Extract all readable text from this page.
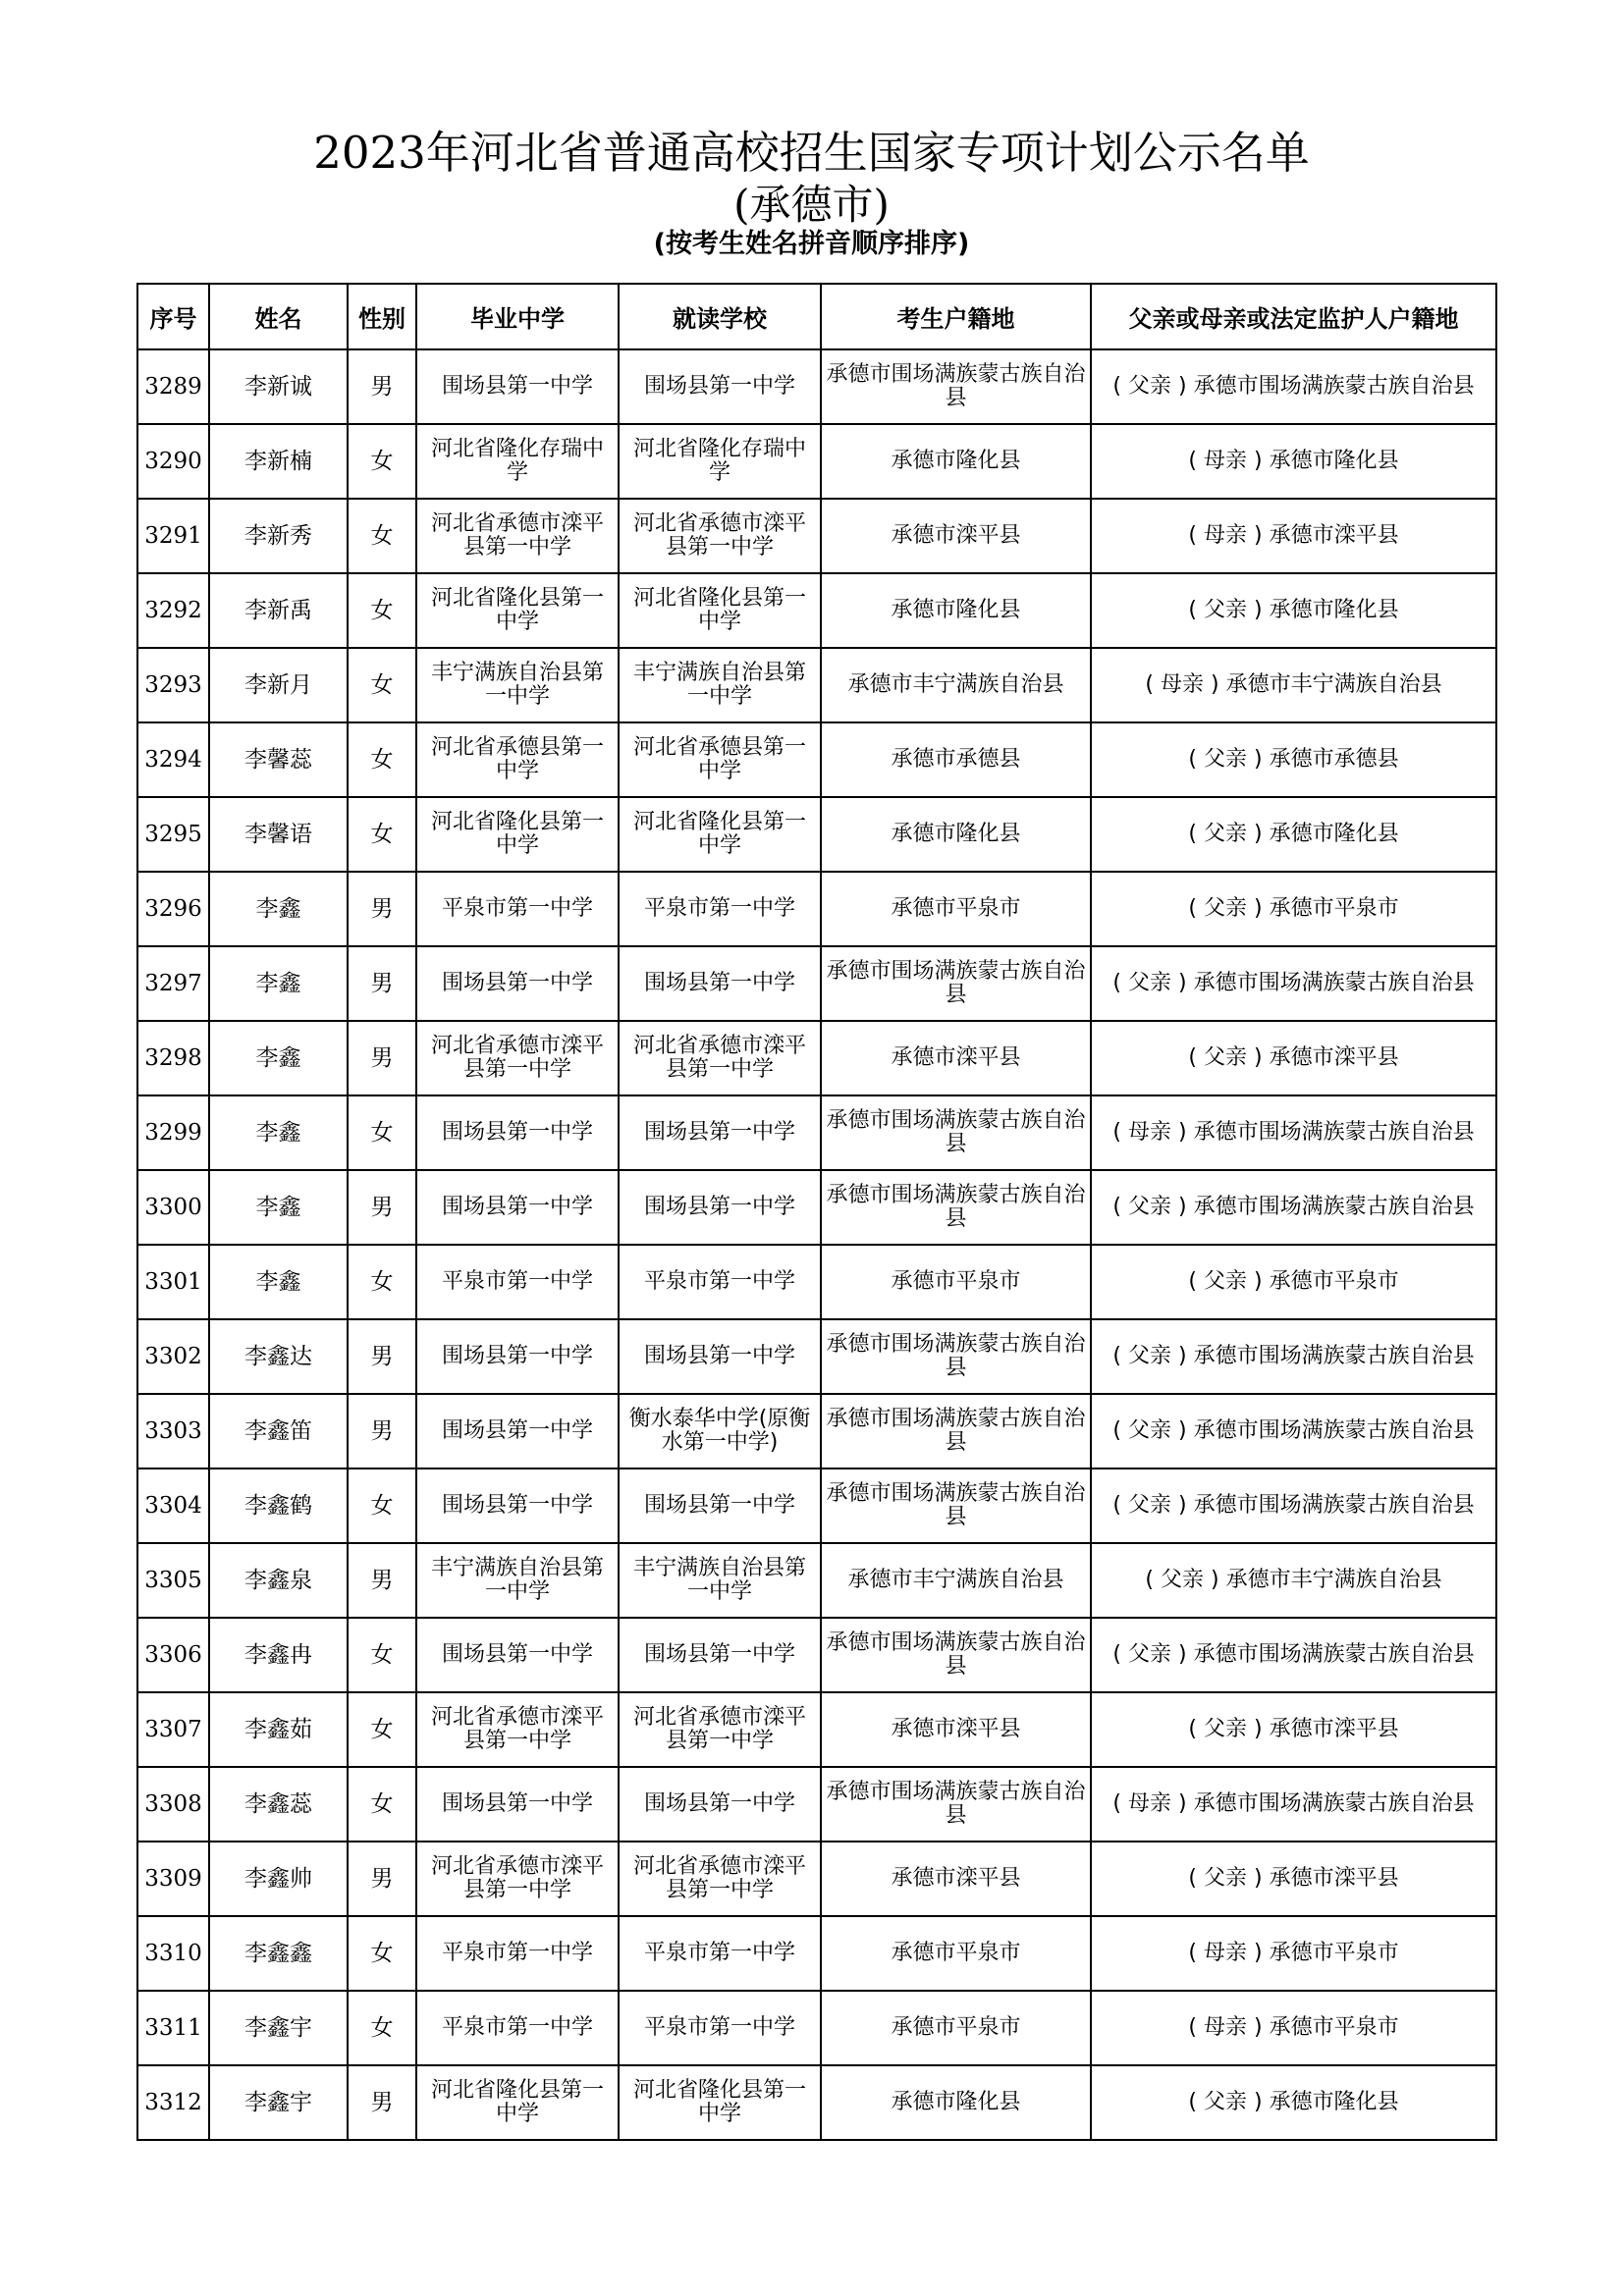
2023年河北省普通高校招生国家专项计划公示名单
(承德市)
(按考生姓名拼音顺序排序)
序号	姓名	性别	毕业中学	就读学校	考生户籍地	父亲或母亲或法定监护人户籍地
3289	李新诚	男	围场县第一中学	围场县第一中学	承德市围场满族蒙古族自治县	( 父亲 ) 承德市围场满族蒙古族自治县
3290	李新楠	女	河北省隆化存瑞中学	河北省隆化存瑞中学	承德市隆化县	( 母亲 ) 承德市隆化县
3291	李新秀	女	河北省承德市滦平县第一中学	河北省承德市滦平县第一中学	承德市滦平县	( 母亲 ) 承德市滦平县
3292	李新禹	女	河北省隆化县第一中学	河北省隆化县第一中学	承德市隆化县	( 父亲 ) 承德市隆化县
3293	李新月	女	丰宁满族自治县第一中学	丰宁满族自治县第一中学	承德市丰宁满族自治县	( 母亲 ) 承德市丰宁满族自治县
3294	李馨蕊	女	河北省承德县第一中学	河北省承德县第一中学	承德市承德县	( 父亲 ) 承德市承德县
3295	李馨语	女	河北省隆化县第一中学	河北省隆化县第一中学	承德市隆化县	( 父亲 ) 承德市隆化县
3296	李鑫	男	平泉市第一中学	平泉市第一中学	承德市平泉市	( 父亲 ) 承德市平泉市
3297	李鑫	男	围场县第一中学	围场县第一中学	承德市围场满族蒙古族自治县	( 父亲 ) 承德市围场满族蒙古族自治县
3298	李鑫	男	河北省承德市滦平县第一中学	河北省承德市滦平县第一中学	承德市滦平县	( 父亲 ) 承德市滦平县
3299	李鑫	女	围场县第一中学	围场县第一中学	承德市围场满族蒙古族自治县	( 母亲 ) 承德市围场满族蒙古族自治县
3300	李鑫	男	围场县第一中学	围场县第一中学	承德市围场满族蒙古族自治县	( 父亲 ) 承德市围场满族蒙古族自治县
3301	李鑫	女	平泉市第一中学	平泉市第一中学	承德市平泉市	( 父亲 ) 承德市平泉市
3302	李鑫达	男	围场县第一中学	围场县第一中学	承德市围场满族蒙古族自治县	( 父亲 ) 承德市围场满族蒙古族自治县
3303	李鑫笛	男	围场县第一中学	衡水泰华中学(原衡水第一中学)	承德市围场满族蒙古族自治县	( 父亲 ) 承德市围场满族蒙古族自治县
3304	李鑫鹤	女	围场县第一中学	围场县第一中学	承德市围场满族蒙古族自治县	( 父亲 ) 承德市围场满族蒙古族自治县
3305	李鑫泉	男	丰宁满族自治县第一中学	丰宁满族自治县第一中学	承德市丰宁满族自治县	( 父亲 ) 承德市丰宁满族自治县
3306	李鑫冉	女	围场县第一中学	围场县第一中学	承德市围场满族蒙古族自治县	( 父亲 ) 承德市围场满族蒙古族自治县
3307	李鑫茹	女	河北省承德市滦平县第一中学	河北省承德市滦平县第一中学	承德市滦平县	( 父亲 ) 承德市滦平县
3308	李鑫蕊	女	围场县第一中学	围场县第一中学	承德市围场满族蒙古族自治县	( 母亲 ) 承德市围场满族蒙古族自治县
3309	李鑫帅	男	河北省承德市滦平县第一中学	河北省承德市滦平县第一中学	承德市滦平县	( 父亲 ) 承德市滦平县
3310	李鑫鑫	女	平泉市第一中学	平泉市第一中学	承德市平泉市	( 母亲 ) 承德市平泉市
3311	李鑫宇	女	平泉市第一中学	平泉市第一中学	承德市平泉市	( 母亲 ) 承德市平泉市
3312	李鑫宇	男	河北省隆化县第一中学	河北省隆化县第一中学	承德市隆化县	( 父亲 ) 承德市隆化县
